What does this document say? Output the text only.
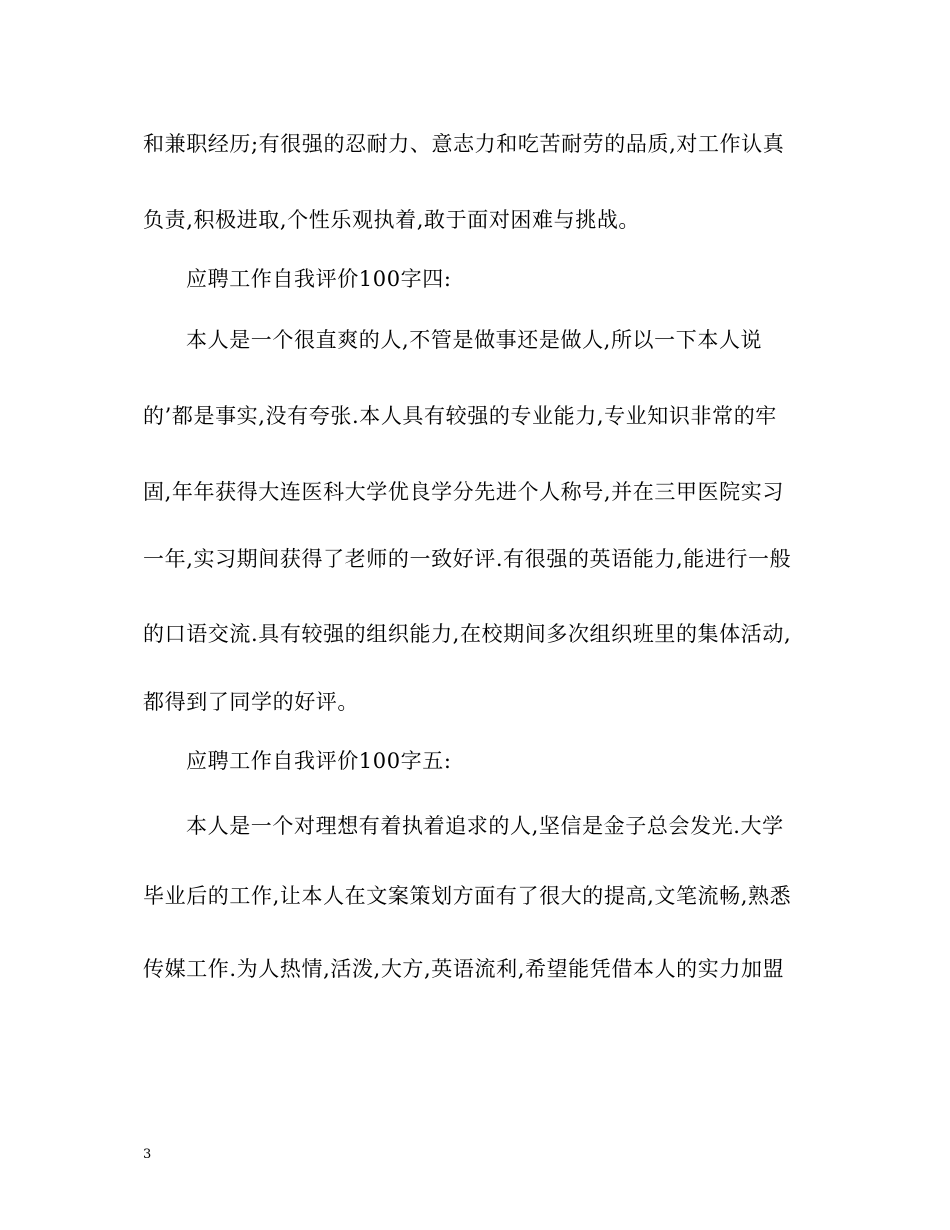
和兼职经历;有很强的忍耐力、意志力和吃苦耐劳的品质,对工作认真
负责,积极进取,个性乐观执着,敢于面对困难与挑战。
应聘工作自我评价100字四:
本人是一个很直爽的人,不管是做事还是做人,所以一下本人说
的’都是事实,没有夸张.本人具有较强的专业能力,专业知识非常的牢
固,年年获得大连医科大学优良学分先进个人称号,并在三甲医院实习
一年,实习期间获得了老师的一致好评.有很强的英语能力,能进行一般
的口语交流.具有较强的组织能力,在校期间多次组织班里的集体活动,
都得到了同学的好评。
应聘工作自我评价100字五:
本人是一个对理想有着执着追求的人,坚信是金子总会发光.大学
毕业后的工作,让本人在文案策划方面有了很大的提高,文笔流畅,熟悉
传媒工作.为人热情,活泼,大方,英语流利,希望能凭借本人的实力加盟
3
